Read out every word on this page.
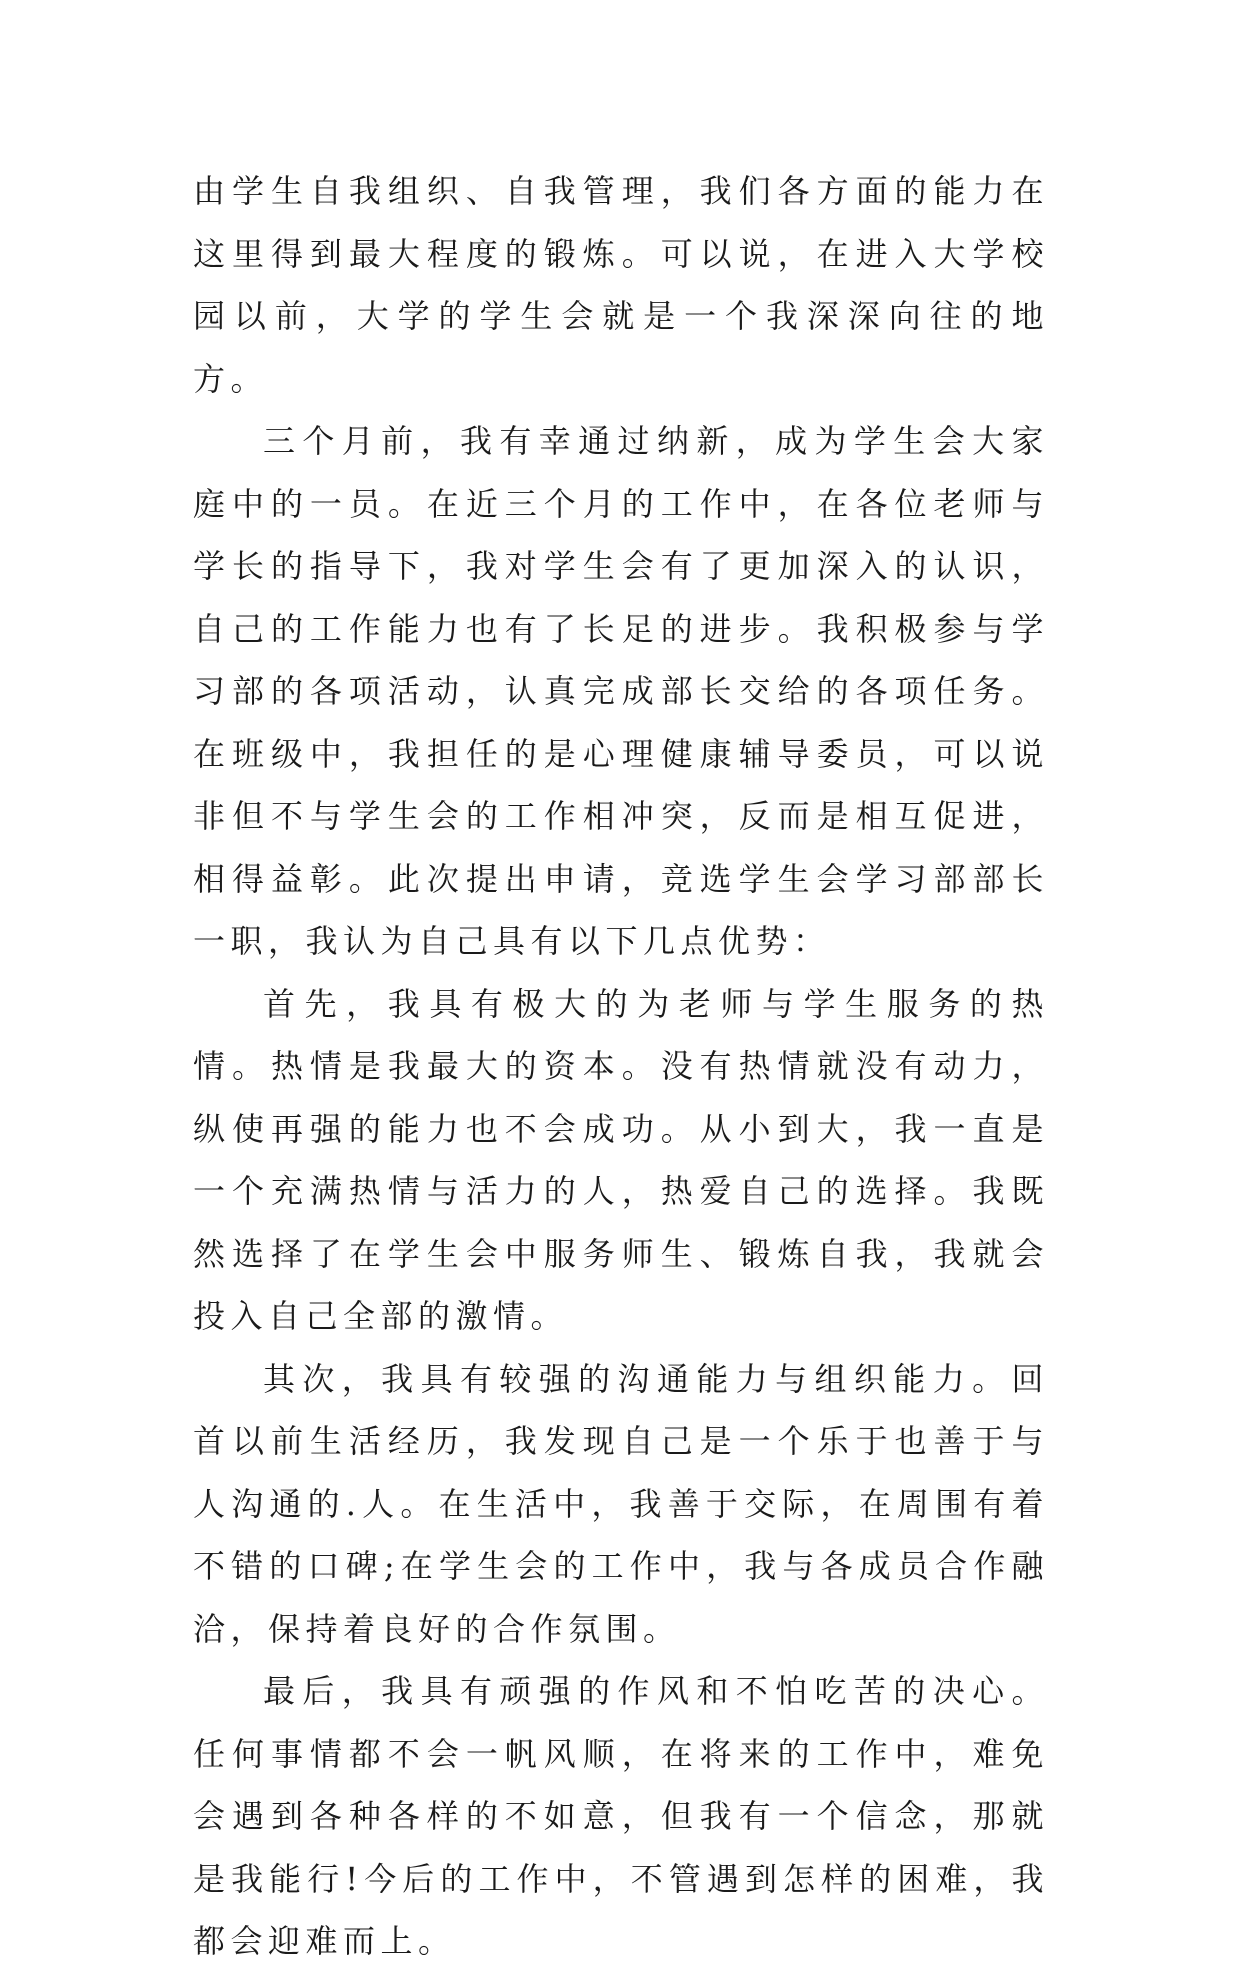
由学生自我组织、自我管理，我们各方面的能力在这里得到最大程度的锻炼。可以说，在进入大学校园以前，大学的学生会就是一个我深深向往的地方。

三个月前，我有幸通过纳新，成为学生会大家庭中的一员。在近三个月的工作中，在各位老师与学长的指导下，我对学生会有了更加深入的认识，自己的工作能力也有了长足的进步。我积极参与学习部的各项活动，认真完成部长交给的各项任务。在班级中，我担任的是心理健康辅导委员，可以说非但不与学生会的工作相冲突，反而是相互促进，相得益彰。此次提出申请，竞选学生会学习部部长一职，我认为自己具有以下几点优势：

首先，我具有极大的为老师与学生服务的热情。热情是我最大的资本。没有热情就没有动力，纵使再强的能力也不会成功。从小到大，我一直是一个充满热情与活力的人，热爱自己的选择。我既然选择了在学生会中服务师生、锻炼自我，我就会投入自己全部的激情。

其次，我具有较强的沟通能力与组织能力。回首以前生活经历，我发现自己是一个乐于也善于与人沟通的.人。在生活中，我善于交际，在周围有着不错的口碑;在学生会的工作中，我与各成员合作融洽，保持着良好的合作氛围。

最后，我具有顽强的作风和不怕吃苦的决心。任何事情都不会一帆风顺，在将来的工作中，难免会遇到各种各样的不如意，但我有一个信念，那就是我能行!今后的工作中，不管遇到怎样的困难，我都会迎难而上。
